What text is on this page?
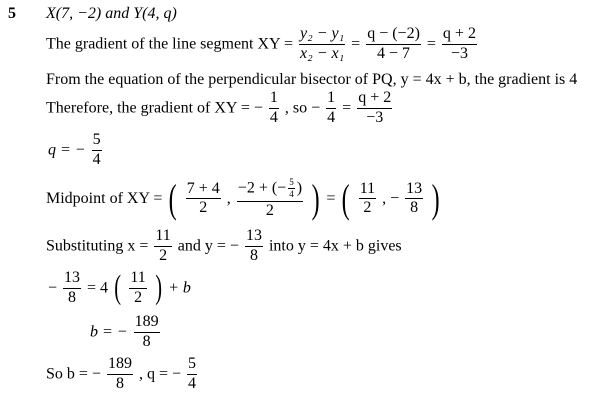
5 X(7, −2) and Y(4, q)
The gradient of the line segment XY = $\frac{\text{y₂ − y₁}}{\text{x₂ − x₁}} = \frac{q - (-2)}{4 - 7} = \frac{q + 2}{-3}$
From the equation of the perpendicular bisector of PQ, y = 4x + b, the gradient is 4
Therefore, the gradient of XY = − $\frac{1}{4}$ , so − $\frac{1}{4} = \frac{q + 2}{-3}$
q = − $\frac{5}{4}$
Midpoint of XY = ( $\frac{7 + 4}{2}$ , $\frac{-2 + (- \frac{5}{4} )}{2}$ ) = ( $\frac{11}{2}$ , − $\frac{13}{8}$ )
Substituting $x = \frac{11}{2}$ and y = − $\frac{13}{8}$ into y = 4x + b gives
− $\frac{13}{8} = 4$ ( $\frac{11}{2}$ ) + b
b = − $\frac{189}{8}$
So b = − $\frac{189}{8}$ , q = − $\frac{5}{4}$
